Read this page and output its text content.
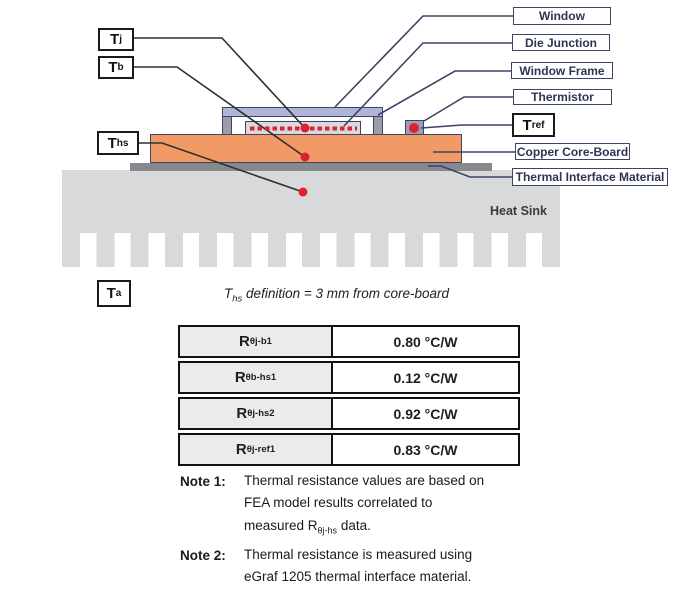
T j
T b
T hs
T a
Window
Die Junction
Window Frame
Thermistor
T ref
Copper Core-Board
Thermal Interface Material
Heat Sink
$T_{hs}$ definition = 3 mm from core-board
R θj-b 1	0.80 °C/W
R θb-hs 1	0.12 °C/W
R θj-hs 2	0.92 °C/W
R θj-ref 1	0.83 °C/W
Note 1: Thermal resistance values are based on
FEA model results correlated to
measured $R_{\theta j-hs}$ data.
Note 2: Thermal resistance is measured using
eGraf 1205 thermal interface material.
